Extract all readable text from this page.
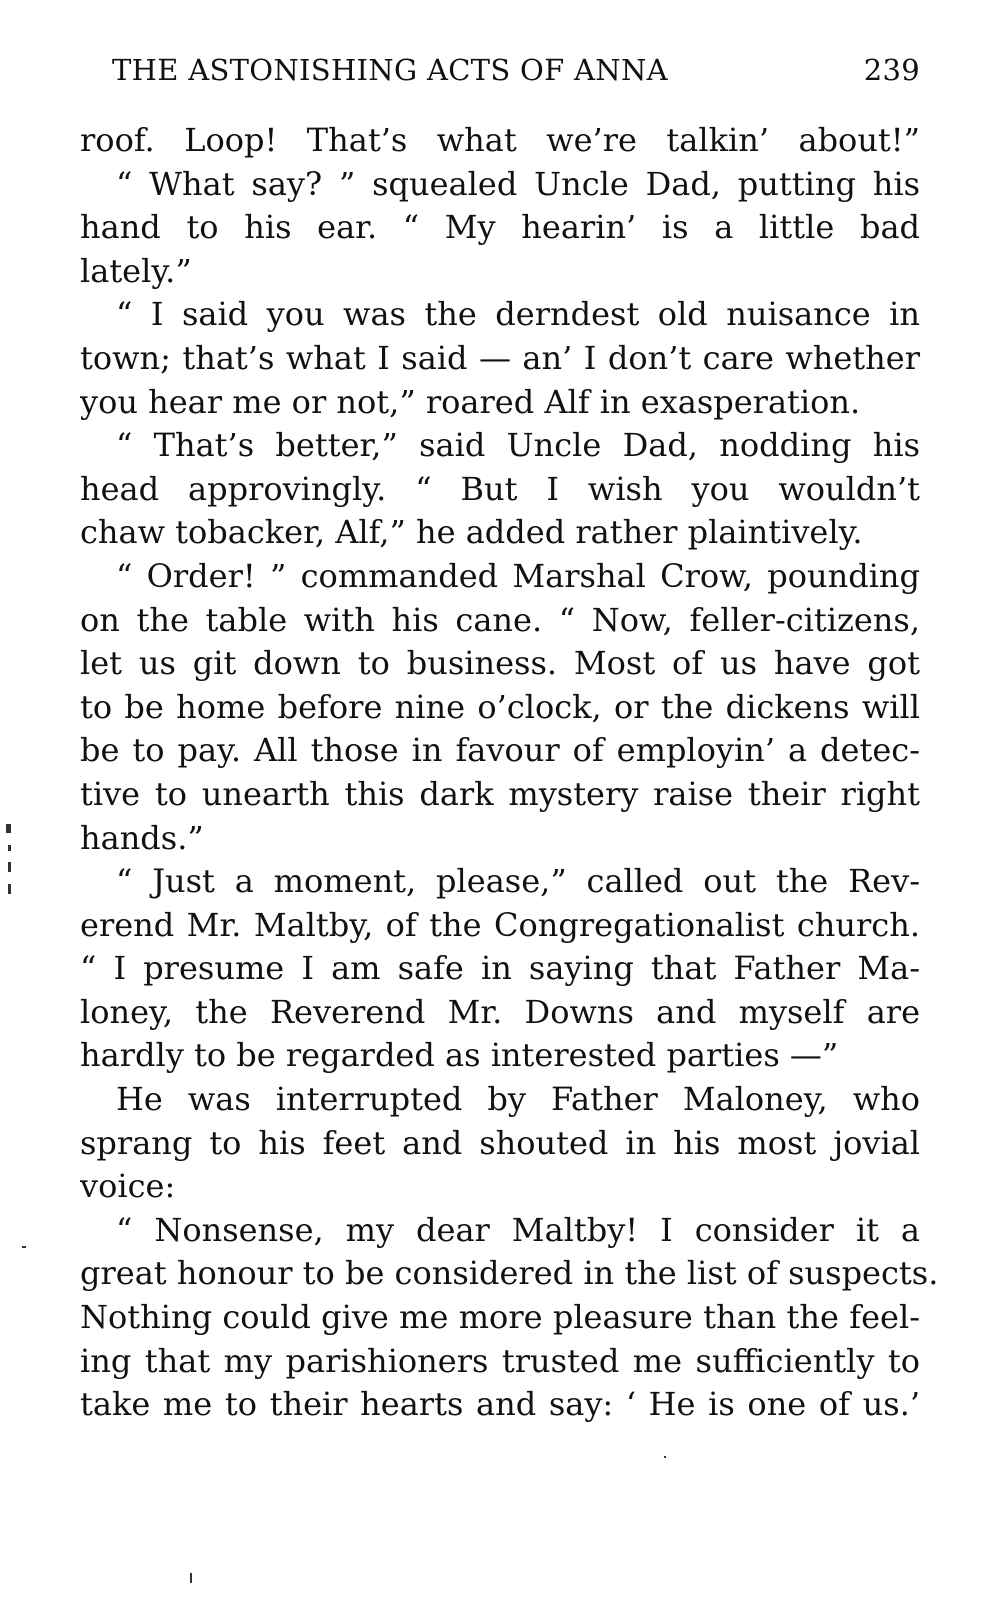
THE ASTONISHING ACTS OF ANNA	239
roof. Loop! That’s what we’re talkin’ about!”
“ What say? ” squealed Uncle Dad, putting his
hand to his ear. “ My hearin’ is a little bad
lately.”
“ I said you was the derndest old nuisance in
town; that’s what I said — an’ I don’t care whether
you hear me or not,” roared Alf in exasperation.
“ That’s better,” said Uncle Dad, nodding his
head approvingly. “ But I wish you wouldn’t
chaw tobacker, Alf,” he added rather plaintively.
“ Order! ” commanded Marshal Crow, pounding
on the table with his cane. “ Now, feller-citizens,
let us git down to business. Most of us have got
to be home before nine o’clock, or the dickens will
be to pay. All those in favour of employin’ a detec-
tive to unearth this dark mystery raise their right
hands.”
“ Just a moment, please,” called out the Rev-
erend Mr. Maltby, of the Congregationalist church.
“ I presume I am safe in saying that Father Ma-
loney, the Reverend Mr. Downs and myself are
hardly to be regarded as interested parties —”
He was interrupted by Father Maloney, who
sprang to his feet and shouted in his most jovial
voice:
“ Nonsense, my dear Maltby! I consider it a
great honour to be considered in the list of suspects.
Nothing could give me more pleasure than the feel-
ing that my parishioners trusted me sufficiently to
take me to their hearts and say: ‘ He is one of us.’
